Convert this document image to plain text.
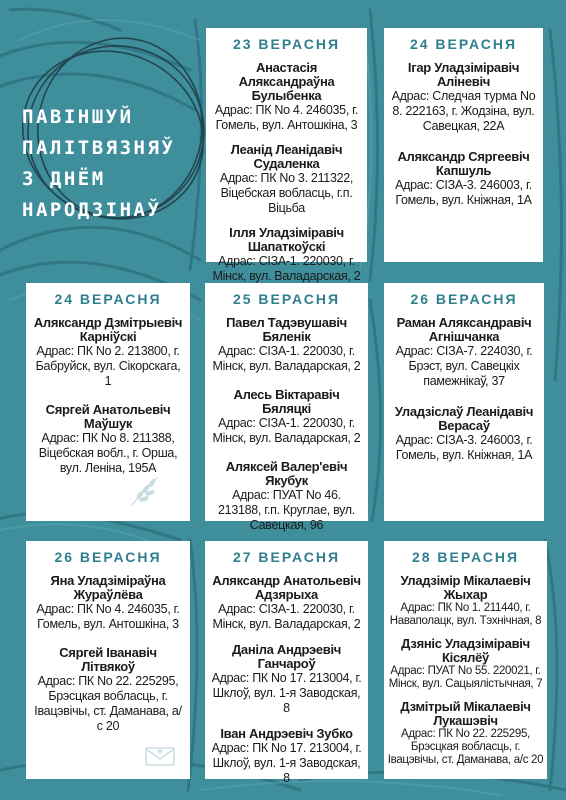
ПАВІНШУЙ
ПАЛІТВЯЗНЯЎ
З ДНЁМ
НАРОДЗІНАЎ
23 ВЕРАСНЯ
Анастасія Аляксандраўна Булыбенка
Адрас: ПК No 4. 246035, г. Гомель, вул. Антошкіна, 3
Леанід Леанідавіч Судаленка
Адрас: ПК No 3. 211322, Віцебская вобласць, г.п. Віцьба
Ілля Уладзіміравіч Шапаткоўскі
Адрас: СІЗА-1. 220030, г. Мінск, вул. Валадарская, 2
24 ВЕРАСНЯ
Ігар Уладзіміравіч Аліневіч
Адрас: Следчая турма No 8. 222163, г. Жодзіна, вул. Савецкая, 22А
Аляксандр Сяргеевіч Капшуль
Адрас: СІЗА-3. 246003, г. Гомель, вул. Кніжная, 1А
24 ВЕРАСНЯ
Аляксандр Дзмітрыевіч Карніўскі
Адрас: ПК No 2. 213800, г. Бабруйск, вул. Сікорскага, 1
Сяргей Анатольевіч Маўшук
Адрас: ПК No 8. 211388, Віцебская вобл., г. Орша, вул. Леніна, 195А
25 ВЕРАСНЯ
Павел Тадэвушавіч Бяленік
Адрас: СІЗА-1. 220030, г. Мінск, вул. Валадарская, 2
Алесь Віктаравіч Бяляцкі
Адрас: СІЗА-1. 220030, г. Мінск, вул. Валадарская, 2
Аляксей Валер'евіч Якубук
Адрас: ПУАТ No 46. 213188, г.п. Круглае, вул. Савецкая, 96
26 ВЕРАСНЯ
Раман Аляксандравіч Агнішчанка
Адрас: СІЗА-7. 224030, г. Брэст, вул. Савецкіх памежнікаў, 37
Уладзіслаў Леанідавіч Верасаў
Адрас: СІЗА-3. 246003, г. Гомель, вул. Кніжная, 1А
26 ВЕРАСНЯ
Яна Уладзіміраўна Жураўлёва
Адрас: ПК No 4. 246035, г. Гомель, вул. Антошкіна, 3
Сяргей Іванавіч Літвякоў
Адрас: ПК No 22. 225295, Брэсцкая вобласць, г. Івацэвічы, ст. Даманава, а/с 20
27 ВЕРАСНЯ
Аляксандр Анатольевіч Адзярыха
Адрас: СІЗА-1. 220030, г. Мінск, вул. Валадарская, 2
Даніла Андрэевіч Ганчароў
Адрас: ПК No 17. 213004, г. Шклоў, вул. 1-я Заводская, 8
Іван Андрэевіч Зубко
Адрас: ПК No 17. 213004, г. Шклоў, вул. 1-я Заводская, 8
28 ВЕРАСНЯ
Уладзімір Мікалаевіч Жыхар
Адрас: ПК No 1. 211440, г. Наваполацк, вул. Тэхнічная, 8
Дзяніс Уладзіміравіч Кісялёў
Адрас: ПУАТ No 55. 220021, г. Мінск, вул. Сацыялістычная, 7
Дзмітрый Мікалаевіч Лукашэвіч
Адрас: ПК No 22. 225295, Брэсцкая вобласць, г. Івацэвічы, ст. Даманава, а/с 20
